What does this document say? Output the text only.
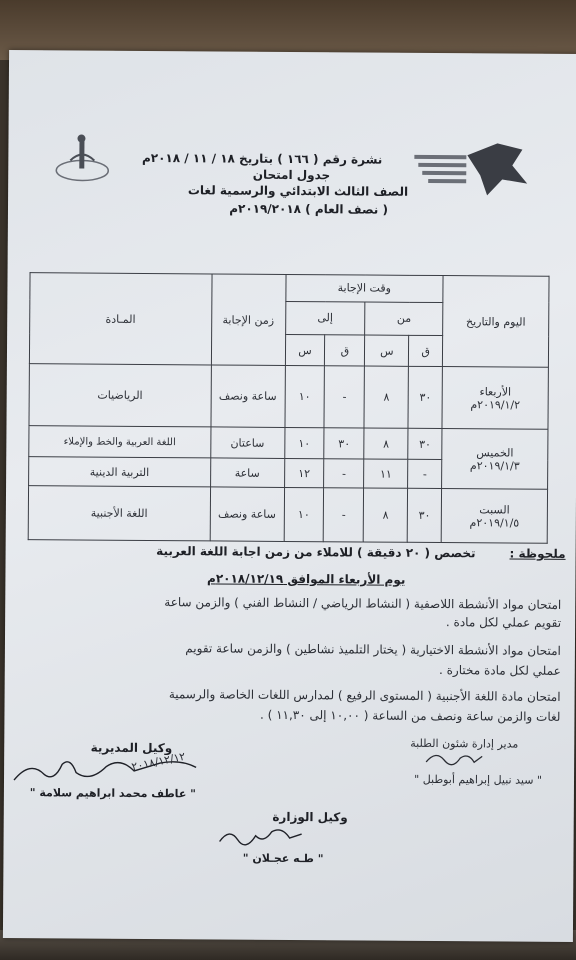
نشرة رقم ( ١٦٦ ) بتاريخ ١٨ / ١١ / ٢٠١٨م
جدول امتحان
الصف الثالث الابتدائي والرسمية لغات
( نصف العام ) ٢٠١٩/٢٠١٨م
اليوم والتاريخ	وقت الإجابة				زمن الإجابة	المـادة
	من		إلى			
	ق	س	ق	س		

الأربعاء
٢٠١٩/١/٢م	٣٠	٨	-	١٠	ساعة ونصف	الرياضيات

الخميس
٢٠١٩/١/٣م	٣٠	٨	٣٠	١٠	ساعتان	اللغة العربية والخط والإملاء
	-	١١	-	١٢	ساعة	التربية الدينية

السبت
٢٠١٩/١/٥م	٣٠	٨	-	١٠	ساعة ونصف	اللغة الأجنبية
ملحوظة :
تخصص ( ٢٠ دقيقة ) للاملاء من زمن اجابة اللغة العربية
يوم الأربعاء الموافق ٢٠١٨/١٢/١٩م
امتحان مواد الأنشطة اللاصفية ( النشاط الرياضي / النشاط الفني ) والزمن ساعة
تقويم عملي لكل مادة .
امتحان مواد الأنشطة الاختيارية ( يختار التلميذ نشاطين ) والزمن ساعة تقويم
عملي لكل مادة مختارة .
امتحان مادة اللغة الأجنبية ( المستوى الرفيع ) لمدارس اللغات الخاصة والرسمية
لغات والزمن ساعة ونصف من الساعة ( ١٠,٠٠ إلى ١١,٣٠ ) .
مدير إدارة شئون الطلبة
" سيد نبيل إبراهيم أبوطبل "
وكيل المديرية
٢٠١٨/١٢/١٢
" عاطف محمد ابراهيم سلامة "
وكيل الوزارة
" طـه عجـلان "
